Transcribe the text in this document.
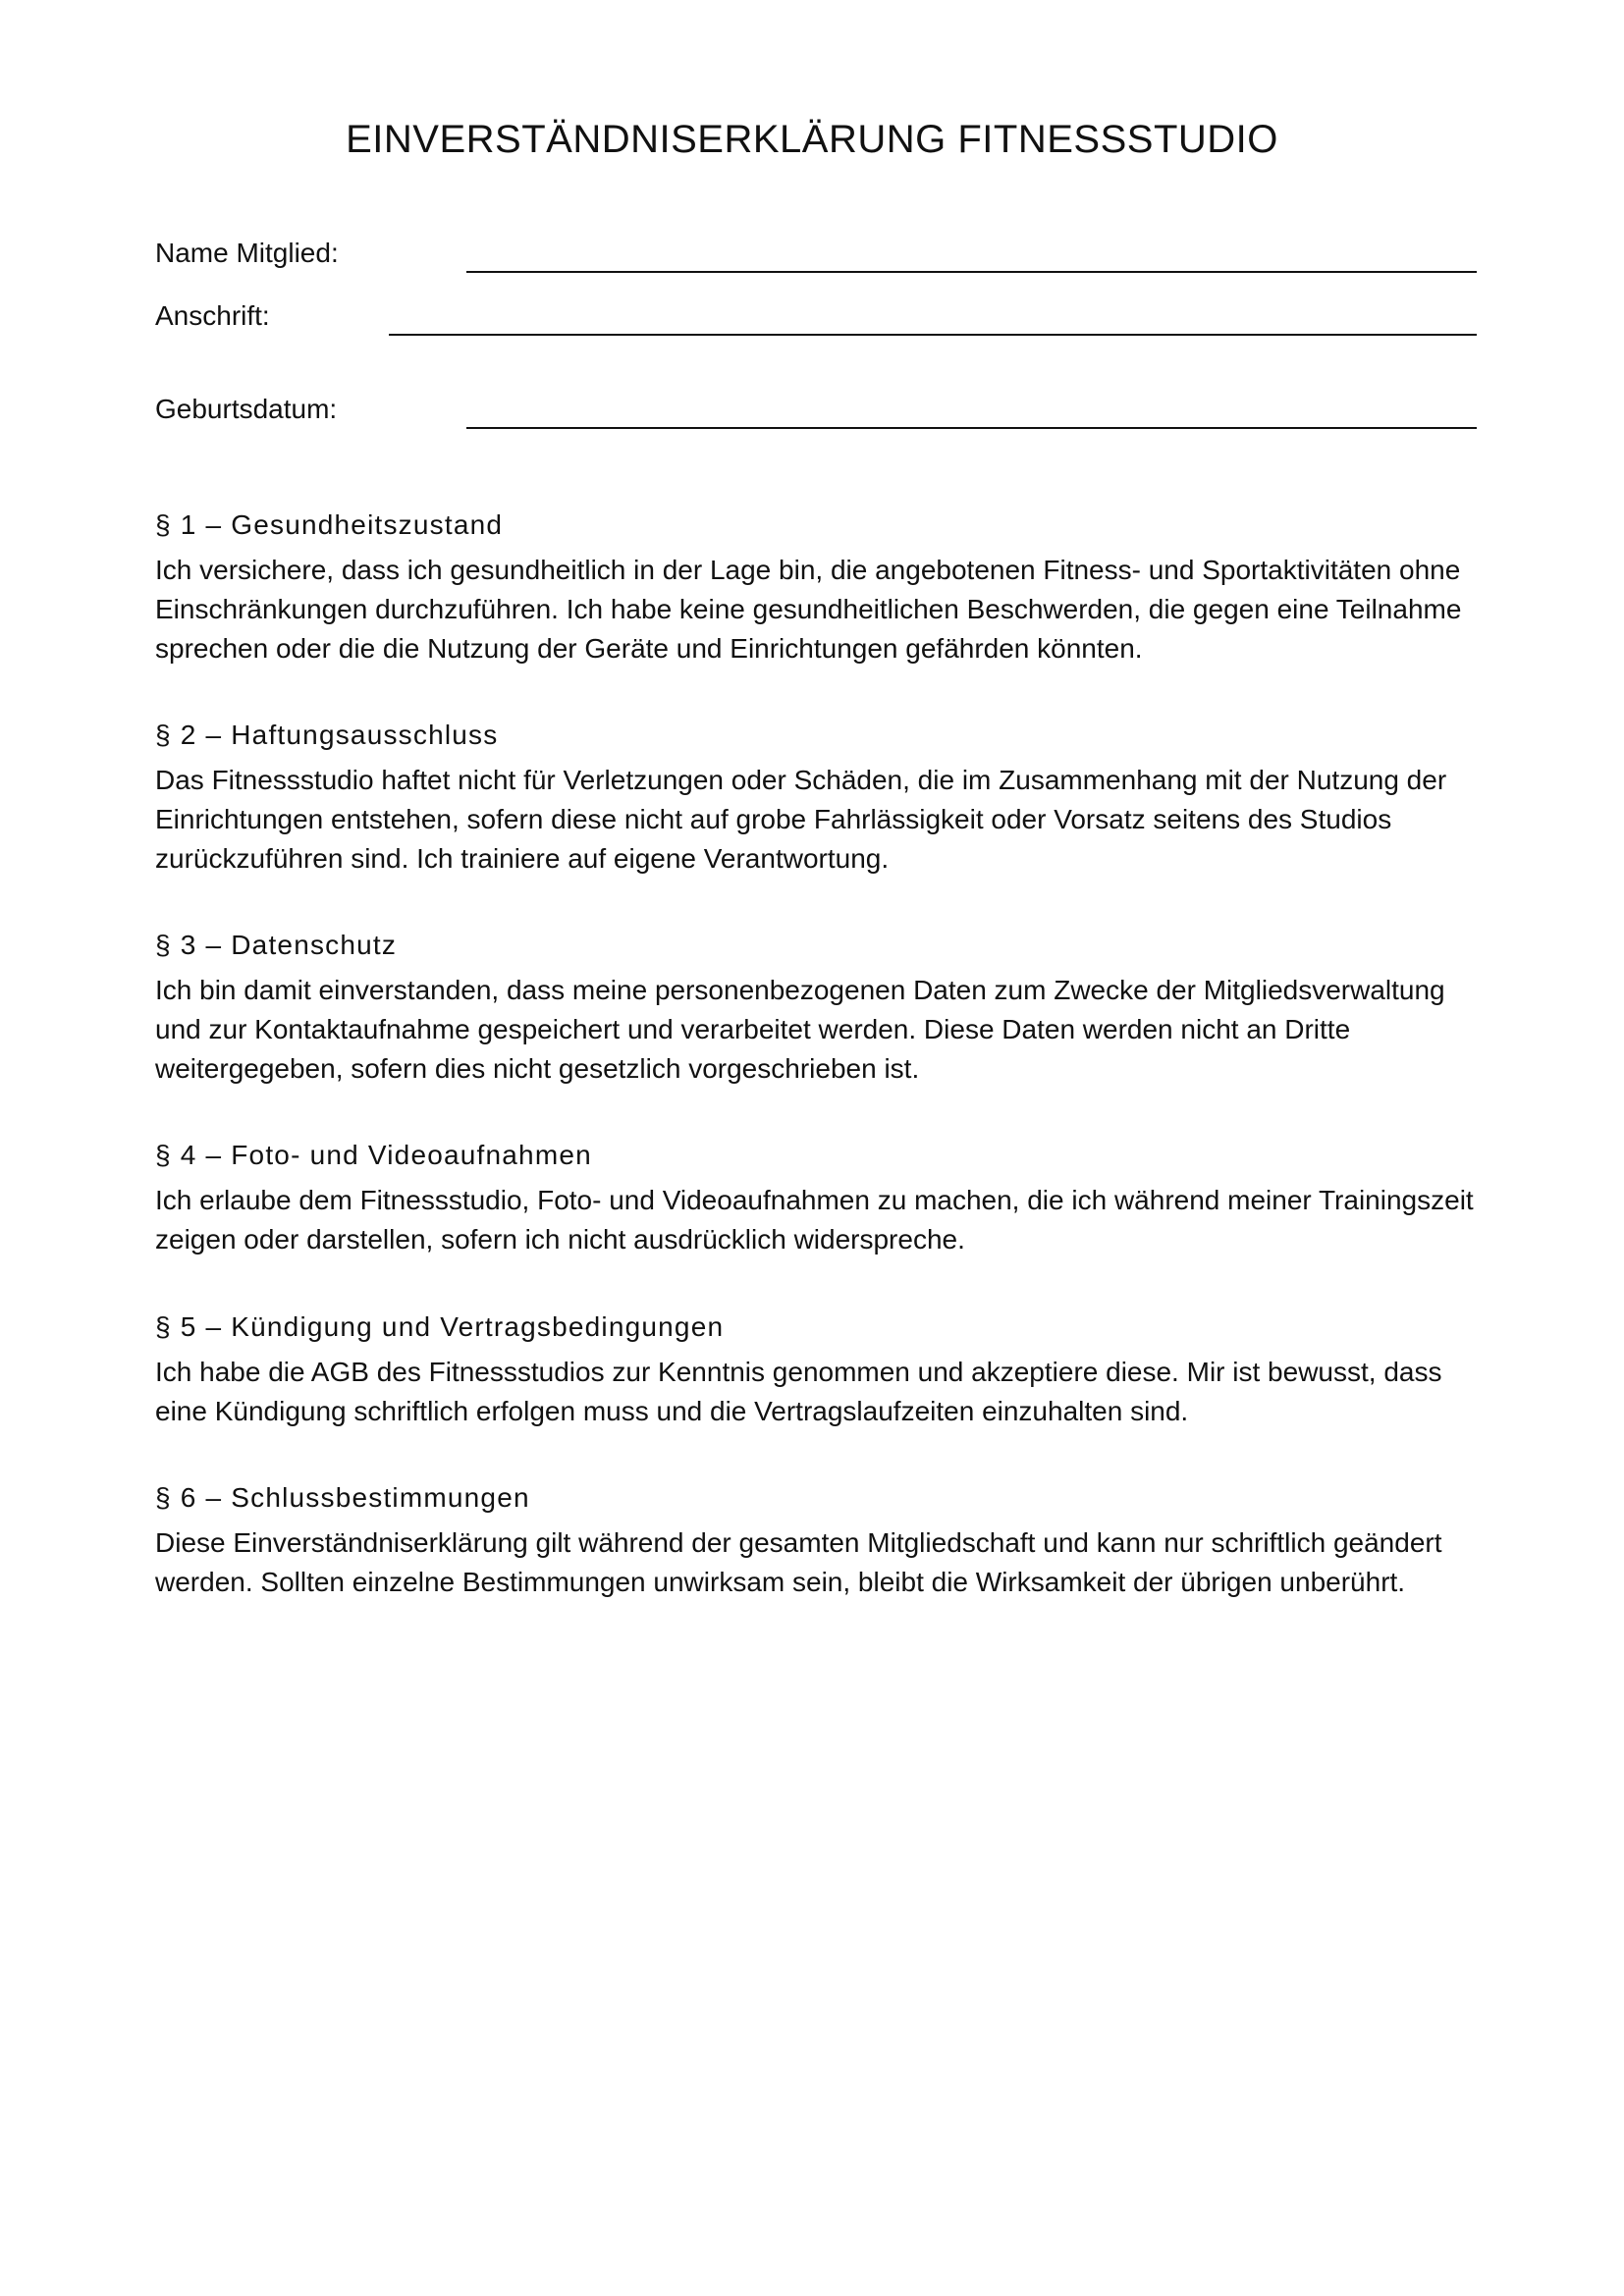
EINVERSTÄNDNISERKLÄRUNG FITNESSSTUDIO
Name Mitglied:
Anschrift:
Geburtsdatum:
§ 1 – Gesundheitszustand

Ich versichere, dass ich gesundheitlich in der Lage bin, die angebotenen Fitness- und Sportaktivitäten ohne Einschränkungen durchzuführen. Ich habe keine gesundheitlichen Beschwerden, die gegen eine Teilnahme sprechen oder die die Nutzung der Geräte und Einrichtungen gefährden könnten.

§ 2 – Haftungsausschluss

Das Fitnessstudio haftet nicht für Verletzungen oder Schäden, die im Zusammenhang mit der Nutzung der Einrichtungen entstehen, sofern diese nicht auf grobe Fahrlässigkeit oder Vorsatz seitens des Studios zurückzuführen sind. Ich trainiere auf eigene Verantwortung.

§ 3 – Datenschutz

Ich bin damit einverstanden, dass meine personenbezogenen Daten zum Zwecke der Mitgliedsverwaltung und zur Kontaktaufnahme gespeichert und verarbeitet werden. Diese Daten werden nicht an Dritte weitergegeben, sofern dies nicht gesetzlich vorgeschrieben ist.

§ 4 – Foto- und Videoaufnahmen

Ich erlaube dem Fitnessstudio, Foto- und Videoaufnahmen zu machen, die ich während meiner Trainingszeit zeigen oder darstellen, sofern ich nicht ausdrücklich widerspreche.

§ 5 – Kündigung und Vertragsbedingungen

Ich habe die AGB des Fitnessstudios zur Kenntnis genommen und akzeptiere diese. Mir ist bewusst, dass eine Kündigung schriftlich erfolgen muss und die Vertragslaufzeiten einzuhalten sind.

§ 6 – Schlussbestimmungen

Diese Einverständniserklärung gilt während der gesamten Mitgliedschaft und kann nur schriftlich geändert werden. Sollten einzelne Bestimmungen unwirksam sein, bleibt die Wirksamkeit der übrigen unberührt.
